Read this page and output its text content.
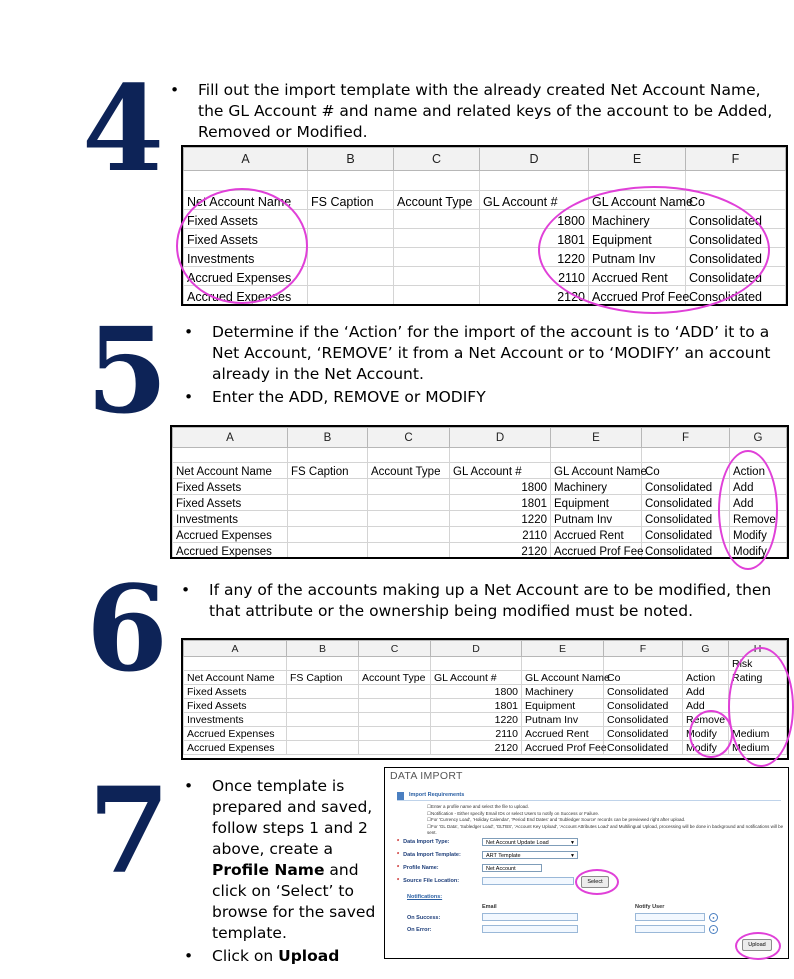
4	• Fill out the import template with the already created Net Account Name, the GL Account # and name and related keys of the account to be Added, Removed or Modified.
A	B	C	D	E	F

Net Account Name	FS Caption	Account Type	GL Account #	GL Account Name	Co
Fixed Assets			1800	Machinery	Consolidated
Fixed Assets			1801	Equipment	Consolidated
Investments			1220	Putnam Inv	Consolidated
Accrued Expenses			2110	Accrued Rent	Consolidated
Accrued Expenses			2120	Accrued Prof Fee	Consolidated
5	• Determine if the ‘Action’ for the import of the account is to ‘ADD’ it to a Net Account, ‘REMOVE’ it from a Net Account or to ‘MODIFY’ an account already in the Net Account.
• Enter the ADD, REMOVE or MODIFY
A	B	C	D	E	F	G

Net Account Name	FS Caption	Account Type	GL Account #	GL Account Name	Co	Action
Fixed Assets			1800	Machinery	Consolidated	Add
Fixed Assets			1801	Equipment	Consolidated	Add
Investments			1220	Putnam Inv	Consolidated	Remove
Accrued Expenses			2110	Accrued Rent	Consolidated	Modify
Accrued Expenses			2120	Accrued Prof Fee	Consolidated	Modify
6	• If any of the accounts making up a Net Account are to be modified, then that attribute or the ownership being modified must be noted.
A	B	C	D	E	F	G	H
							Risk
Net Account Name	FS Caption	Account Type	GL Account #	GL Account Name	Co	Action	Rating
Fixed Assets			1800	Machinery	Consolidated	Add	
Fixed Assets			1801	Equipment	Consolidated	Add	
Investments			1220	Putnam Inv	Consolidated	Remove	
Accrued Expenses			2110	Accrued Rent	Consolidated	Modify	Medium
Accrued Expenses			2120	Accrued Prof Fee	Consolidated	Modify	Medium
7	• Once template is prepared and saved, follow steps 1 and 2 above, create a Profile Name and click on ‘Select’ to browse for the saved template.
• Click on Upload
DATA IMPORT
Import Requirements
☐ Enter a profile name and select the file to upload.
☐ Notification - Either specify Email IDs or select Users to notify on Success or Failure.
☐ For 'Currency Load', 'Holiday Calendar', 'Period End Dates' and 'Subledger Source' records can be previewed right after upload.
☐ For 'GL Data', 'Subledger Load', 'GLTBS', 'Account Key Upload', 'Account Attributes Load' and Multilingual Upload, processing will be done in background and notifications will be sent.
* Data Import Type:	Net Account Update Load	▼
* Data Import Template:	ART Template	▼
* Profile Name:	Net Account
* Source File Location:	Select
Notifications:
Email	Notify User
On Success:	●
On Error:	●
Upload
